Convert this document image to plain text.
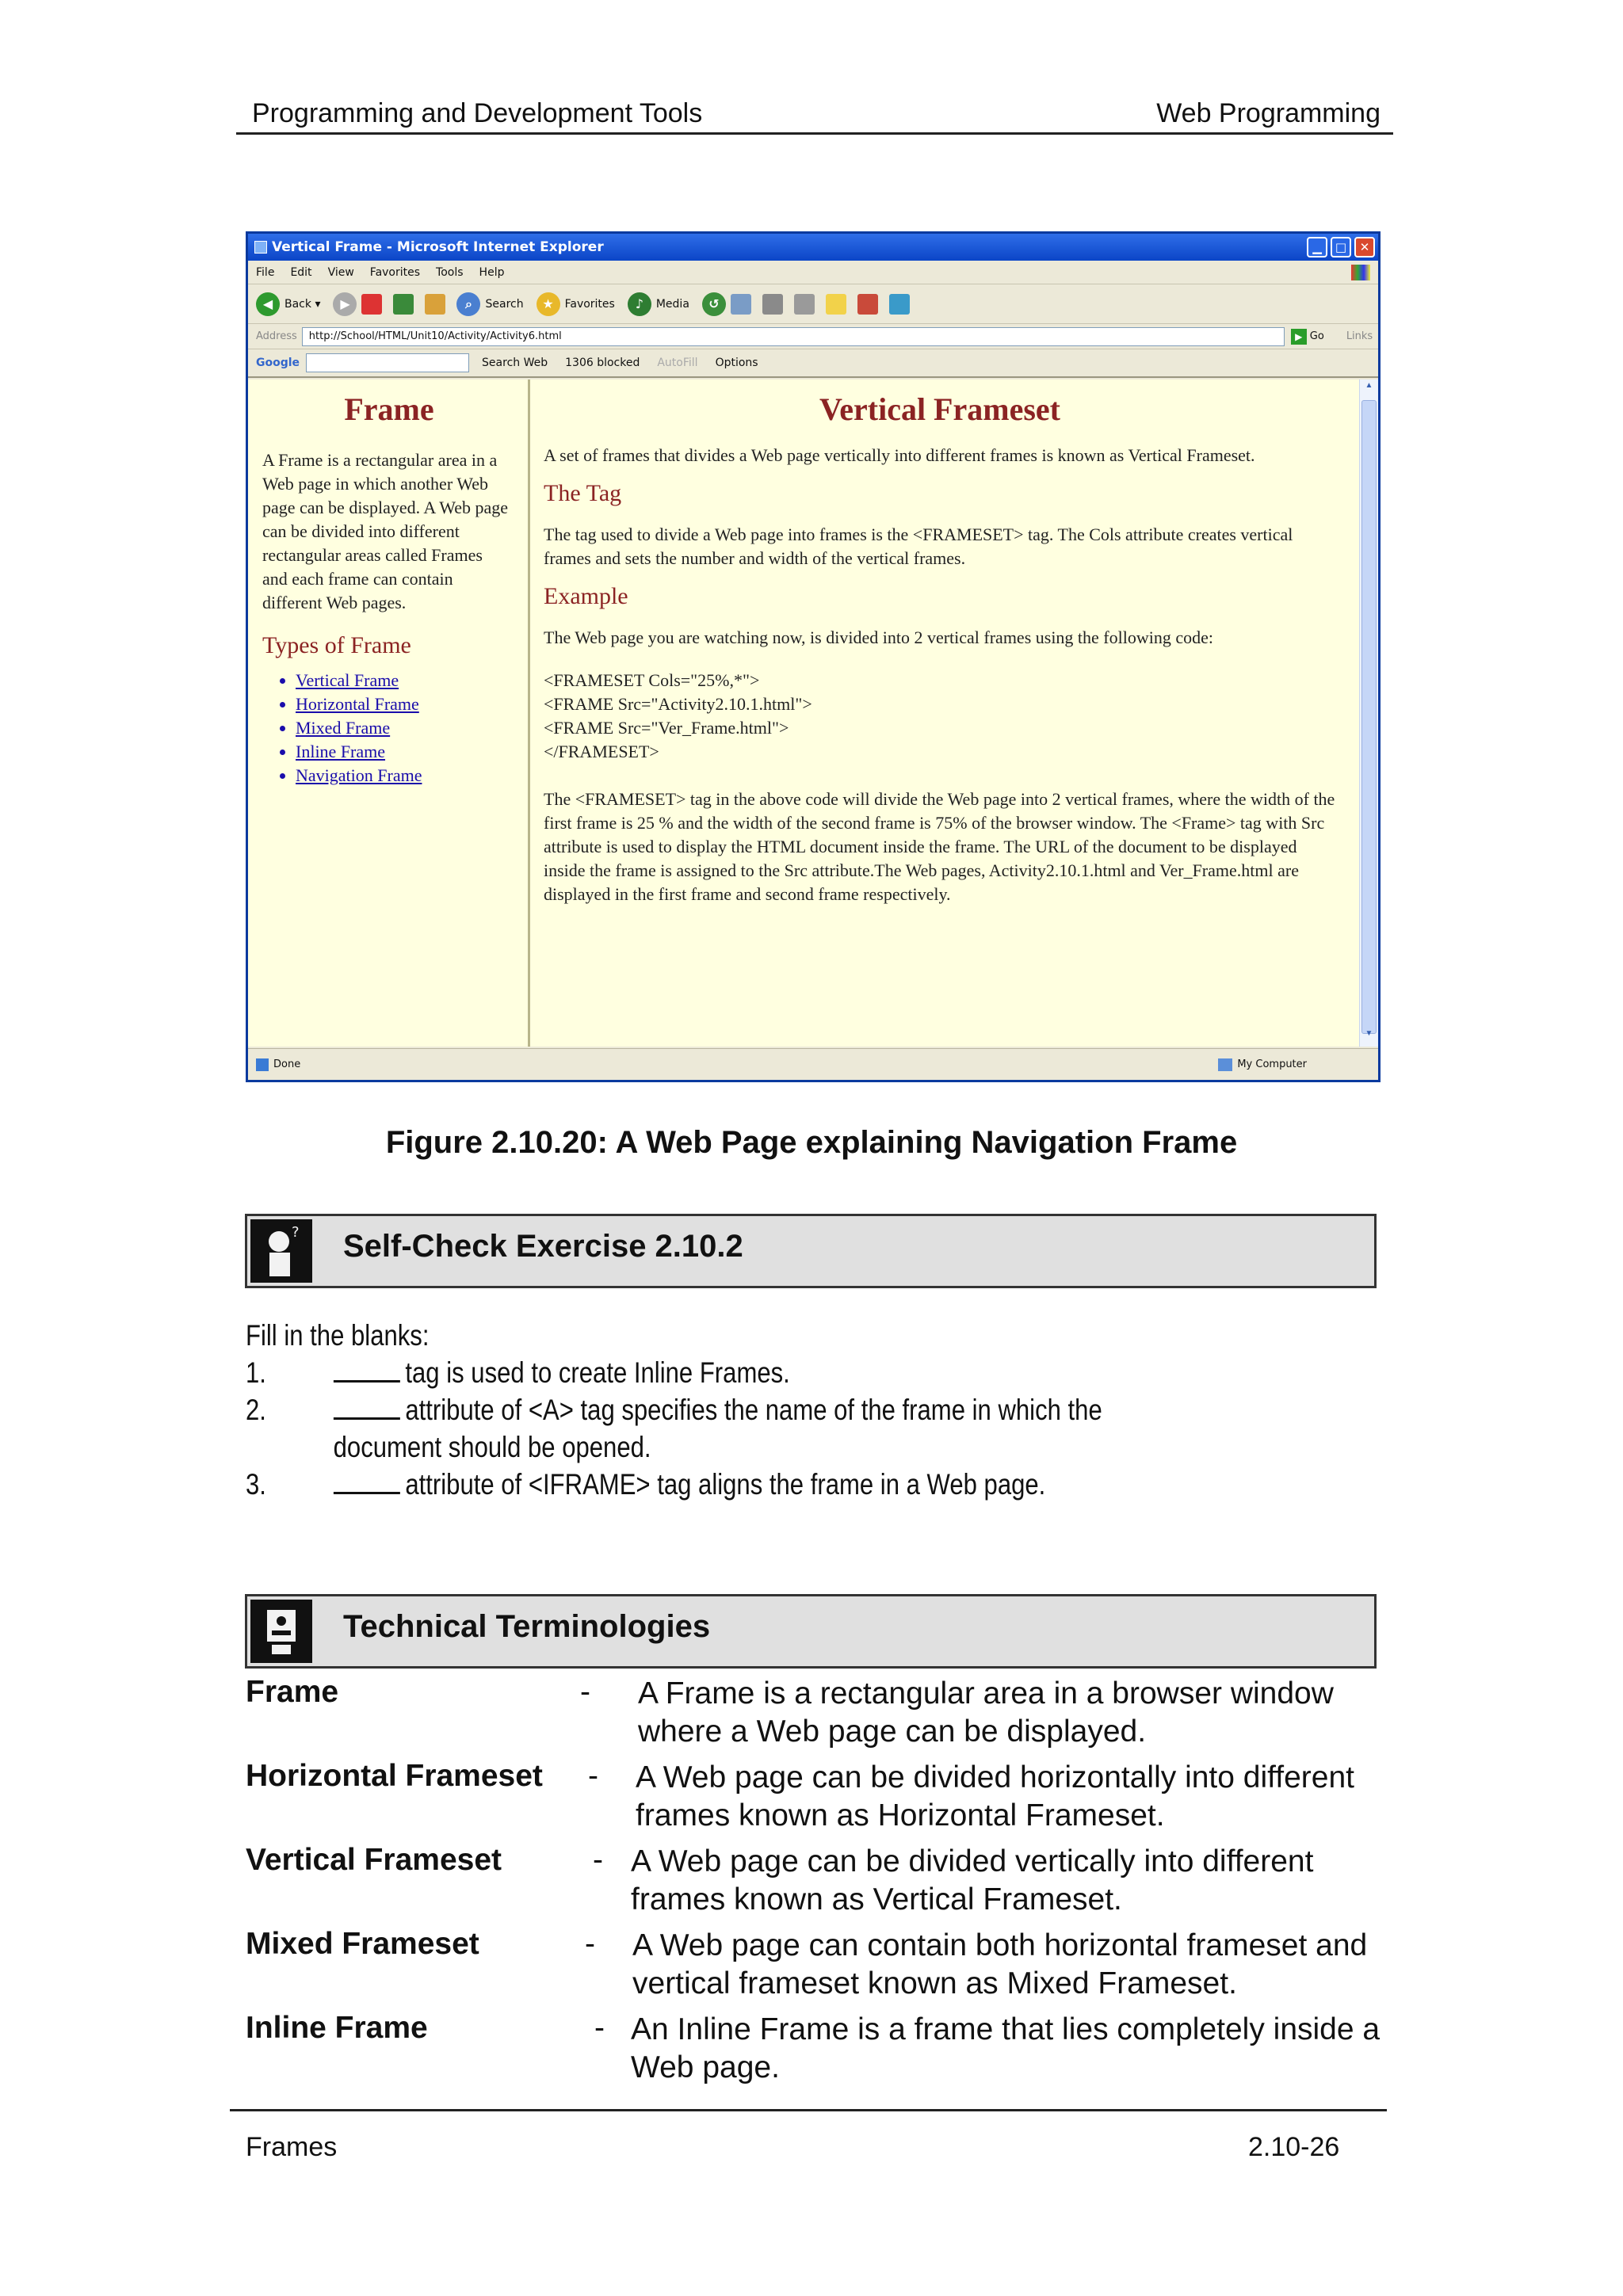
Programming and Development Tools	Web Programming
Vertical Frame - Microsoft Internet Explorer	▁	□	✕
File Edit View Favorites Tools Help
◀	Back ▾	▶	⌕	Search	★ Favorites	♪	Media	↺
Address http://School/HTML/Unit10/Activity/Activity6.html	▶ Go Links
Google	Search Web 1306 blocked AutoFill Options
Frame
A Frame is a rectangular area in a Web page in which another Web page can be displayed. A Web page can be divided into different rectangular areas called Frames and each frame can contain different Web pages.
Types of Frame
• Vertical Frame
• Horizontal Frame
• Mixed Frame
• Inline Frame
• Navigation Frame
Vertical Frameset
A set of frames that divides a Web page vertically into different frames is known as Vertical Frameset.
The Tag
The tag used to divide a Web page into frames is the <FRAMESET> tag. The Cols attribute creates vertical frames and sets the number and width of the vertical frames.
Example
The Web page you are watching now, is divided into 2 vertical frames using the following code:
<FRAMESET Cols="25%,*">
<FRAME Src="Activity2.10.1.html">
<FRAME Src="Ver_Frame.html">
</FRAMESET>
The <FRAMESET> tag in the above code will divide the Web page into 2 vertical frames, where the width of the first frame is 25 % and the width of the second frame is 75% of the browser window. The <Frame> tag with Src attribute is used to display the HTML document inside the frame. The URL of the document to be displayed inside the frame is assigned to the Src attribute.The Web pages, Activity2.10.1.html and Ver_Frame.html are displayed in the first frame and second frame respectively.
▲
▼
Done	My Computer
Figure 2.10.20: A Web Page explaining Navigation Frame
? Self-Check Exercise 2.10.2
Fill in the blanks:
1.	tag is used to create Inline Frames.
2.	attribute of <A> tag specifies the name of the frame in which the document should be opened.
3.	attribute of <IFRAME> tag aligns the frame in a Web page.
Technical Terminologies
Frame	- A Frame is a rectangular area in a browser window where a Web page can be displayed.
Horizontal Frameset - A Web page can be divided horizontally into different frames known as Horizontal Frameset.
Vertical Frameset	- A Web page can be divided vertically into different frames known as Vertical Frameset.
Mixed Frameset	- A Web page can contain both horizontal frameset and vertical frameset known as Mixed Frameset.
Inline Frame	- An Inline Frame is a frame that lies completely inside a Web page.
Frames	2.10-26
